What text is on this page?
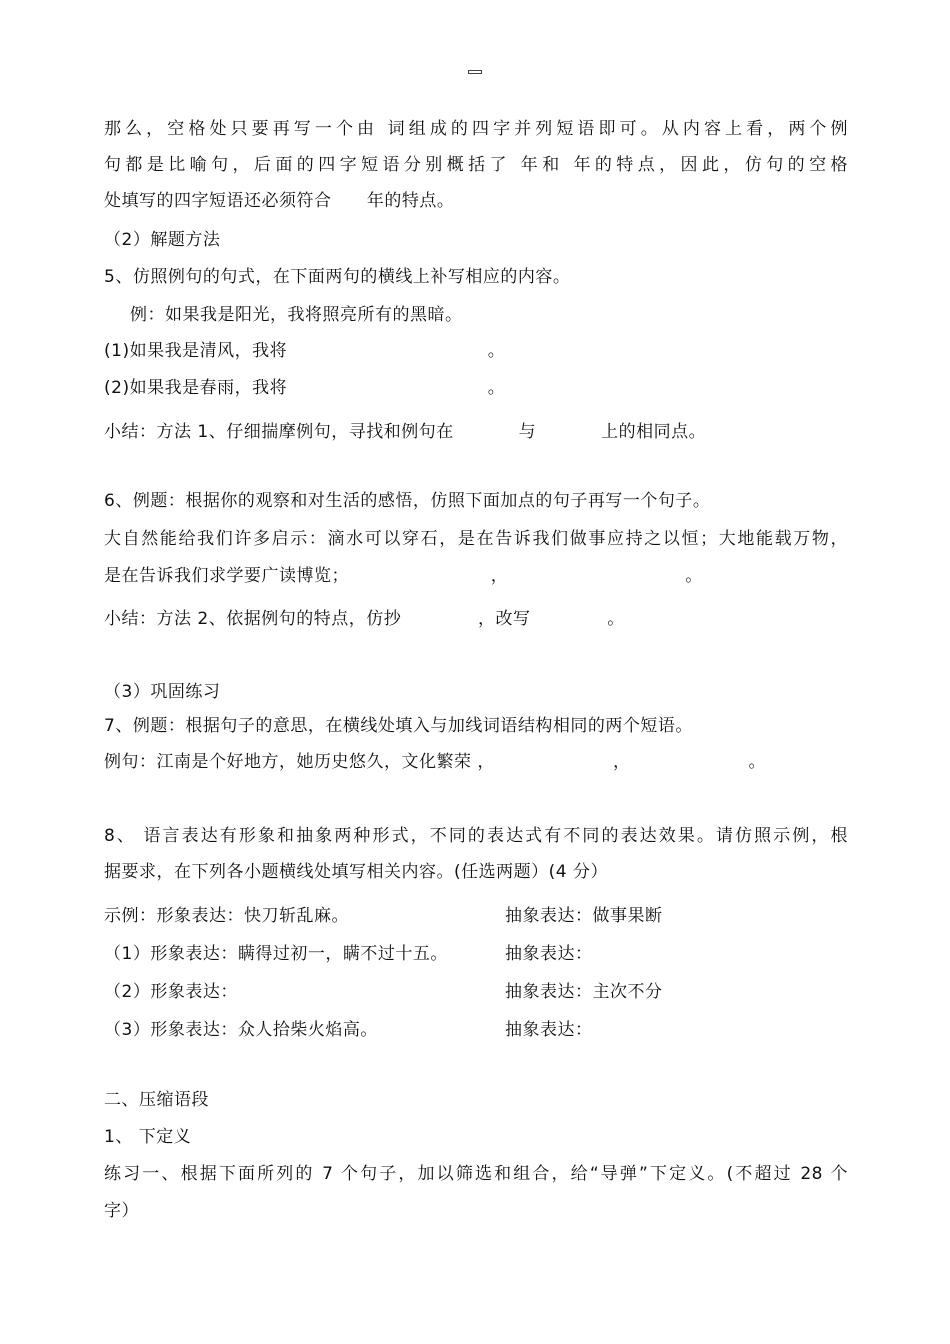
那么，空格处只要再写一个由 词组成的四字并列短语即可。从内容上看，两个例
句都是比喻句，后面的四字短语分别概括了 年和 年的特点，因此，仿句的空格
处填写的四字短语还必须符合      年的特点。
（2）解题方法
5、仿照例句的句式，在下面两句的横线上补写相应的内容。
例：如果我是阳光，我将照亮所有的黑暗。
(1)如果我是清风，我将                                  。
(2)如果我是春雨，我将                                  。
小结：方法 1、仔细揣摩例句，寻找和例句在           与           上的相同点。
6、例题：根据你的观察和对生活的感悟，仿照下面加点的句子再写一个句子。
大自然能给我们许多启示：滴水可以穿石，是在告诉我们做事应持之以恒；大地能载万物，
是在告诉我们求学要广读博览；                        ，                              。
小结：方法 2、依据例句的特点，仿抄             ，改写             。
（3）巩固练习
7、例题：根据句子的意思，在横线处填入与加线词语结构相同的两个短语。
例句：江南是个好地方，她历史悠久，文化繁荣 ，                    ，                    。
8、 语言表达有形象和抽象两种形式，不同的表达式有不同的表达效果。请仿照示例，根
据要求，在下列各小题横线处填写相关内容。(任选两题）(4 分）
示例：形象表达：快刀斩乱麻。	抽象表达：做事果断
（1）形象表达：瞒得过初一，瞒不过十五。	抽象表达：
（2）形象表达：	抽象表达：主次不分
（3）形象表达：众人拾柴火焰高。	抽象表达：
二、压缩语段
1、 下定义
练习一、根据下面所列的 7 个句子，加以筛选和组合，给“导弹”下定义。(不超过 28 个
字）
